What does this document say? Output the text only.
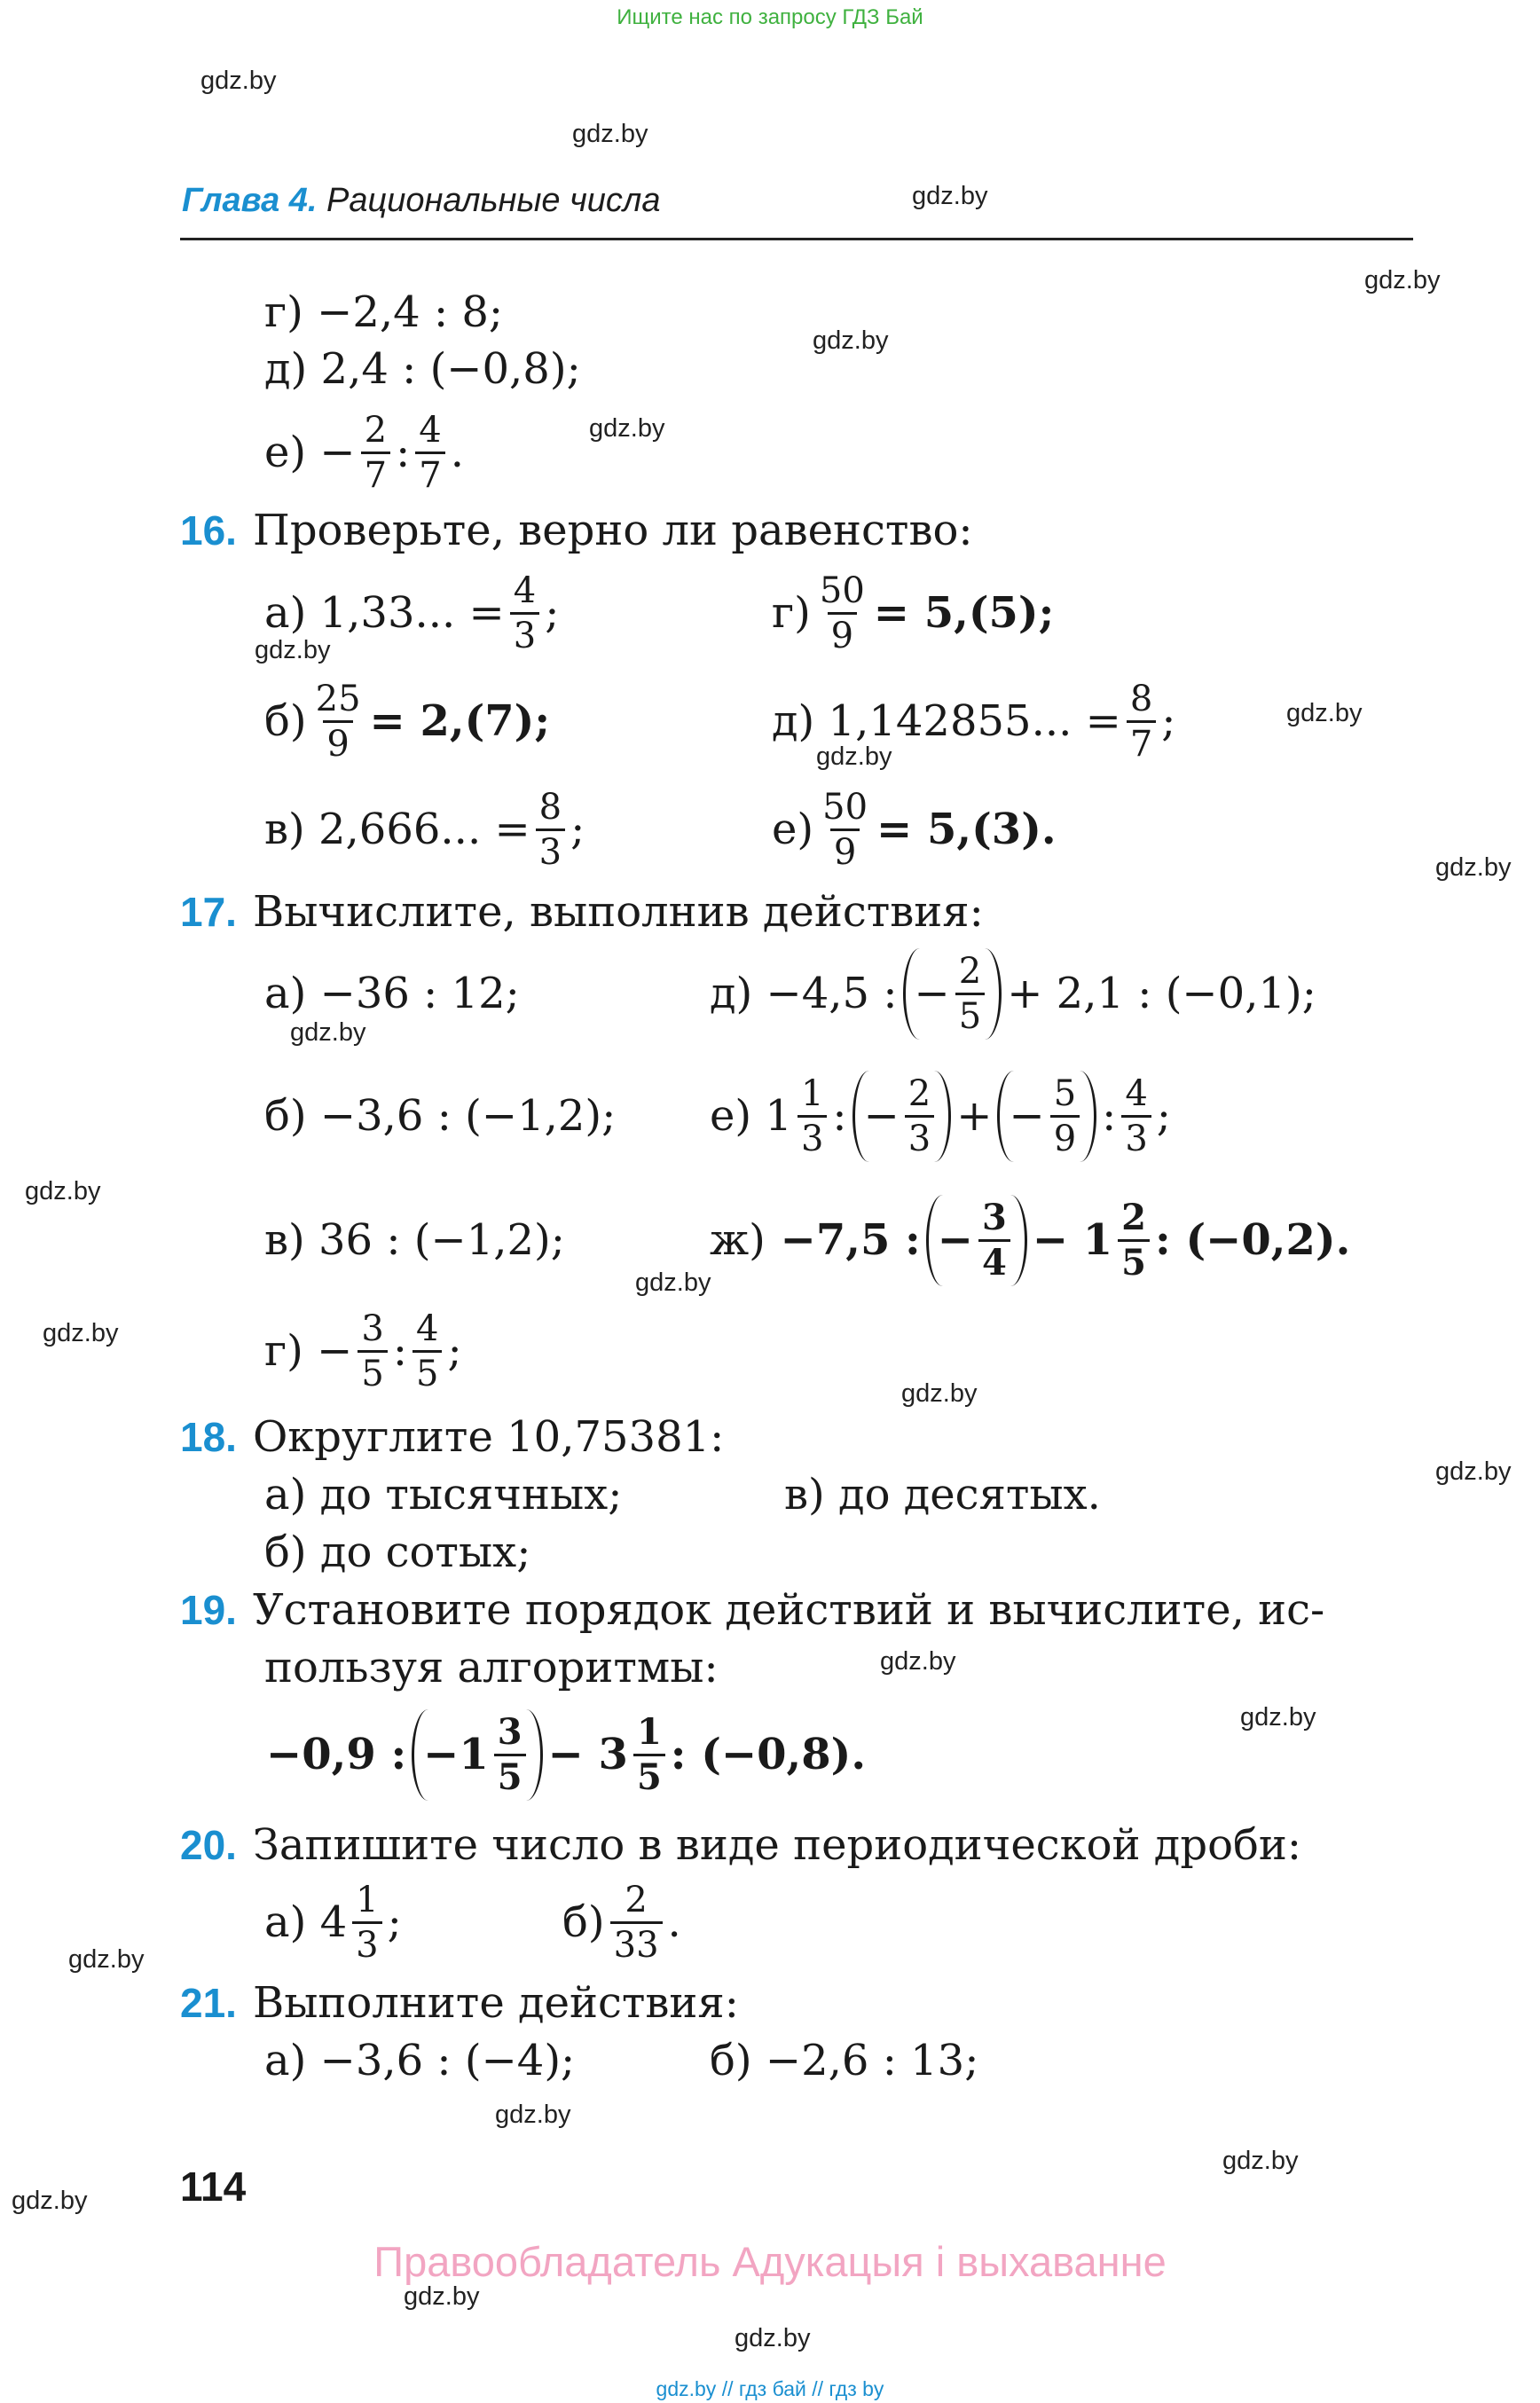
Ищите нас по запросу ГДЗ Бай
gdz.by
gdz.by
gdz.by
gdz.by
gdz.by
gdz.by
gdz.by
gdz.by
gdz.by
gdz.by
gdz.by
gdz.by
gdz.by
gdz.by
gdz.by
gdz.by
gdz.by
gdz.by
gdz.by
gdz.by
gdz.by
gdz.by
gdz.by
gdz.by
Глава 4. Рациональные числа
г) −2,4 : 8;
д) 2,4 : (−0,8);
е)
− $\frac{2}{7}$ : $\frac{4}{7}$ .
16. Проверьте, верно ли равенство:
а) 1,33... = $\frac{4}{3}$ ;	$г) \frac{50}{9} = 5,(5)$;
$б) \frac{25}{9} = 2,(7)$;	д) 1,142855... = $\frac{8}{7}$ ;
в) 2,666... = $\frac{8}{3}$ ;	$е) \frac{50}{9} = 5,(3)$.
17. Вычислите, выполнив действия:
а) −36 : 12;	д) −4,5 : − $\frac{2}{5} + 2,1$ : (−0,1);
б) −3,6 : (−1,2); е)
$1 \frac{1}{3}$ : − $\frac{2}{3}$ + − $\frac{5}{9}$ : $\frac{4}{3}$ ;
в) 36 : (−1,2);	ж)
−7,5 : − $\frac{3}{4}$ −
$1 \frac{2}{5}$ : (−0,2).
г)
− $\frac{3}{5}$ : $\frac{4}{5}$ ;
18. Округлите 10,75381:
а) до тысячных;	в) до десятых.
б) до сотых;
19. Установите порядок действий и вычислите, ис-
пользуя алгоритмы:
−0,9 : $-1 \frac{3}{5} - 3 \frac{1}{5}$ : (−0,8).
20. Запишите число в виде периодической дроби:
а)
$4 \frac{1}{3}$ ;	$б) \frac{2}{33}$ .
21. Выполните действия:
а) −3,6 : (−4);	б) −2,6 : 13;
114
Правообладатель Адукацыя і выхаванне
gdz.by // гдз бай // гдз by
